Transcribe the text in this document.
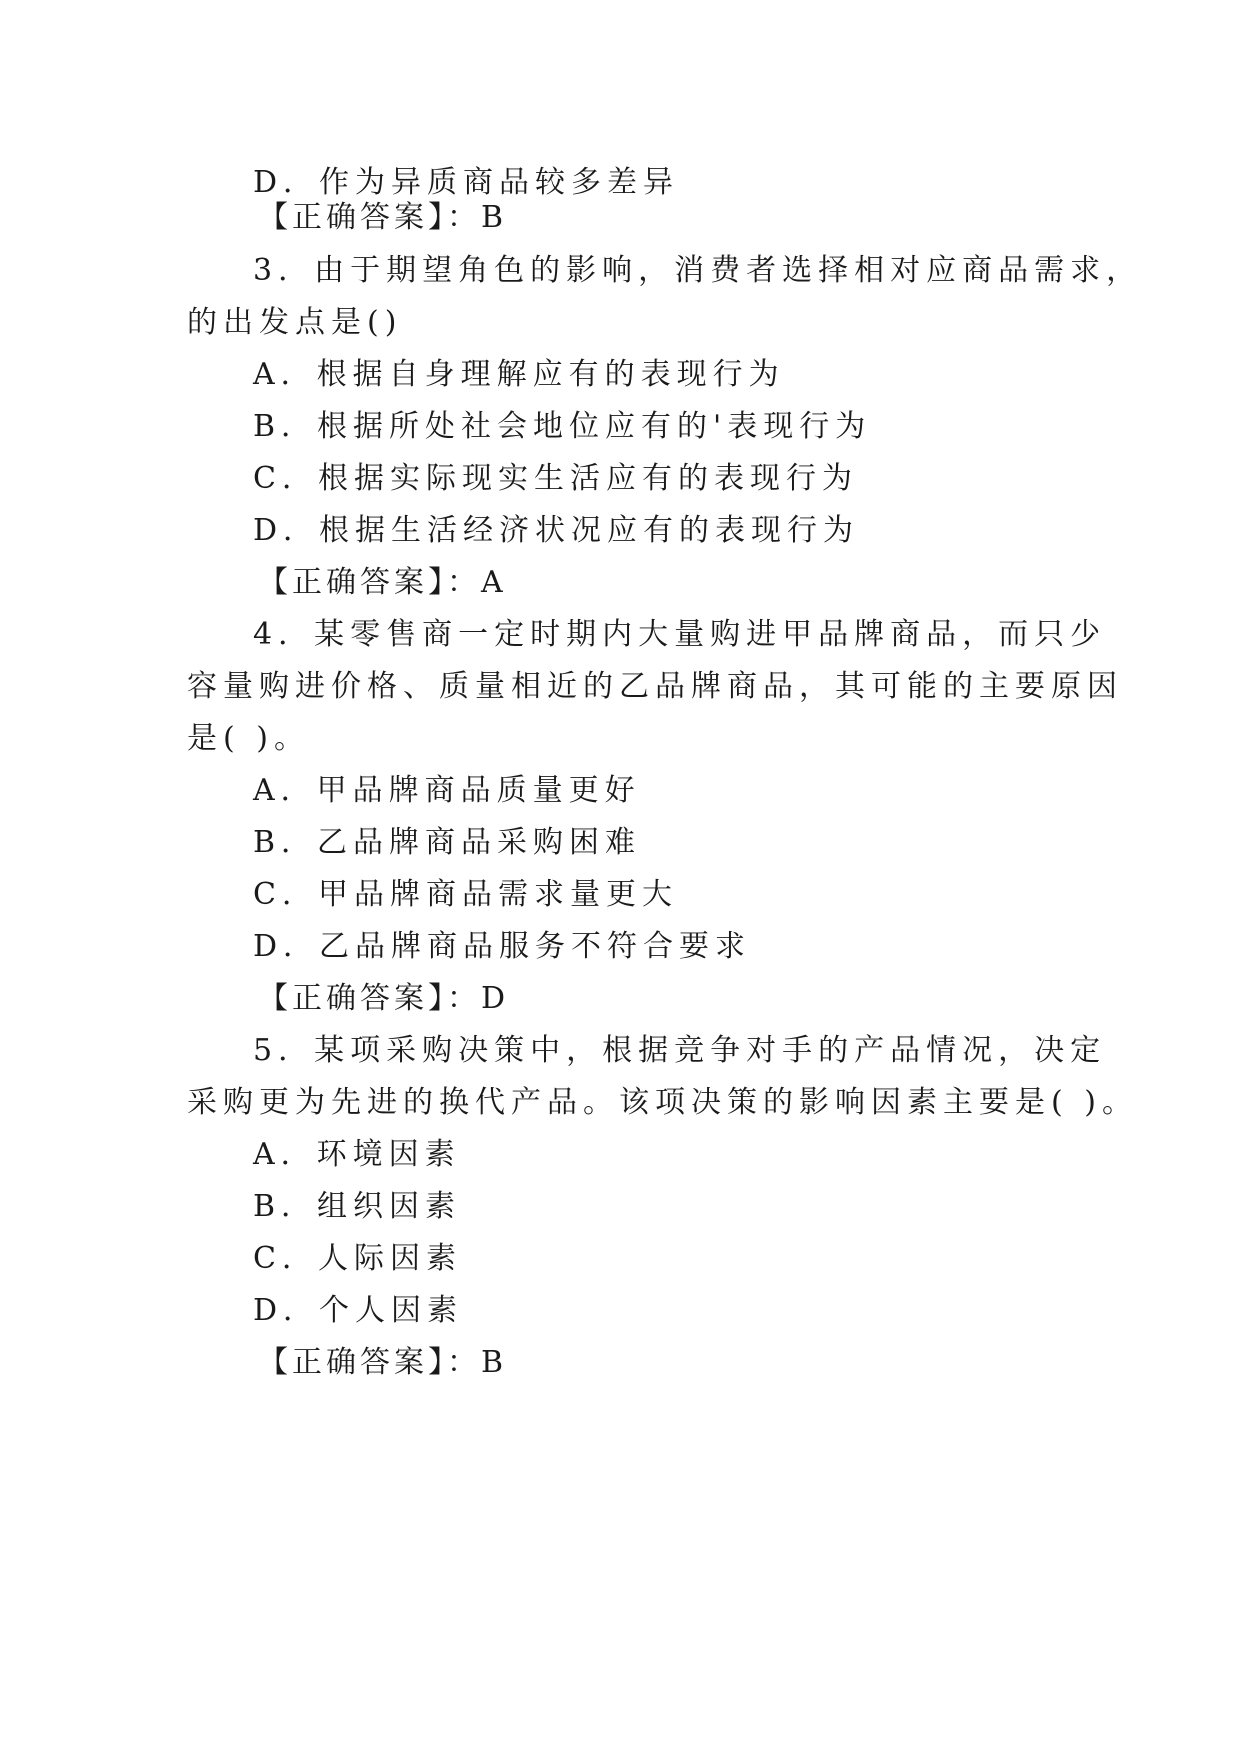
D．作为异质商品较多差异
【正确答案】：B
3．由于期望角色的影响，消费者选择相对应商品需求，
的出发点是()
A．根据自身理解应有的表现行为
B．根据所处社会地位应有的'表现行为
C．根据实际现实生活应有的表现行为
D．根据生活经济状况应有的表现行为
【正确答案】：A
4．某零售商一定时期内大量购进甲品牌商品，而只少
容量购进价格、质量相近的乙品牌商品，其可能的主要原因
是( )。
A．甲品牌商品质量更好
B．乙品牌商品采购困难
C．甲品牌商品需求量更大
D．乙品牌商品服务不符合要求
【正确答案】：D
5．某项采购决策中，根据竞争对手的产品情况，决定
采购更为先进的换代产品。该项决策的影响因素主要是( )。
A．环境因素
B．组织因素
C．人际因素
D．个人因素
【正确答案】：B
